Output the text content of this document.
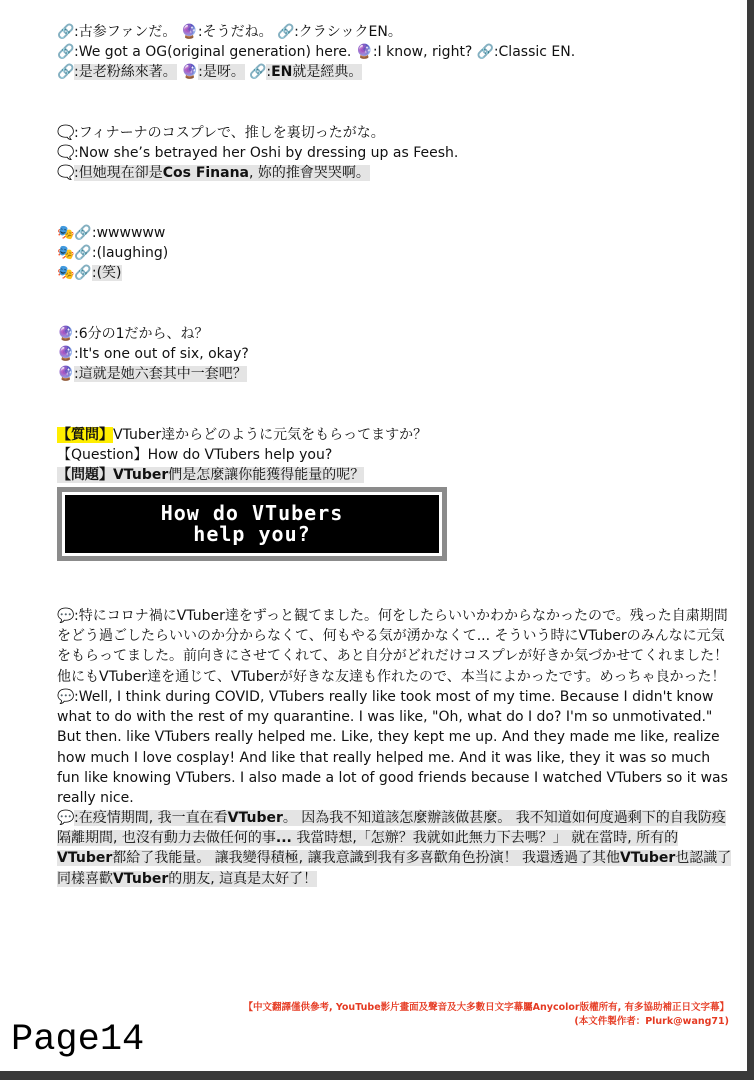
🔗:古参ファンだ。 🔮:そうだね。 🔗:クラシックEN。
🔗:We got a OG(original generation) here. 🔮:I know, right? 🔗:Classic EN.
🔗:是老粉絲來著。 🔮:是呀。 🔗:EN就是經典。
🗨️:フィナーナのコスプレで、推しを裏切ったがな。
🗨️:Now she’s betrayed her Oshi by dressing up as Feesh.
🗨️:但她現在卻是Cos Finana, 妳的推會哭哭啊。
🎭🔗:wwwwww
🎭🔗:(laughing)
🎭🔗:(笑)
🔮:6分の1だから、ね？
🔮:It's one out of six, okay?
🔮:這就是她六套其中一套吧？
【質問】VTuber達からどのように元気をもらってますか？
【Question】How do VTubers help you?
【問題】VTuber們是怎麼讓你能獲得能量的呢？
How do VTubers
help you?
💬:特にコロナ禍にVTuber達をずっと観てました。何をしたらいいかわからなかったので。残った自粛期間をどう過ごしたらいいのか分からなくて、何もやる気が湧かなくて... そういう時にVTuberのみんなに元気をもらってました。前向きにさせてくれて、あと自分がどれだけコスプレが好きか気づかせてくれました！ 他にもVTuber達を通じて、VTuberが好きな友達も作れたので、本当によかったです。めっちゃ良かった！
💬:Well, I think during COVID, VTubers really like took most of my time. Because I didn't know what to do with the rest of my quarantine. I was like, "Oh, what do I do? I'm so unmotivated." But then. like VTubers really helped me. Like, they kept me up. And they made me like, realize how much I love cosplay! And like that really helped me. And it was like, they it was so much fun like knowing VTubers. I also made a lot of good friends because I watched VTubers so it was really nice.
💬:在疫情期間, 我一直在看VTuber。 因為我不知道該怎麼辦該做甚麼。 我不知道如何度過剩下的自我防疫隔離期間, 也沒有動力去做任何的事... 我當時想,「怎辦？我就如此無力下去嗎？」 就在當時, 所有的VTuber都給了我能量。 讓我變得積極, 讓我意識到我有多喜歡角色扮演！ 我還透過了其他VTuber也認識了同樣喜歡VTuber的朋友, 這真是太好了！
【中文翻譯僅供參考, YouTube影片畫面及聲音及大多數日文字幕屬Anycolor版權所有, 有多協助補正日文字幕】
(本文件製作者：Plurk@wang71)
Page14
